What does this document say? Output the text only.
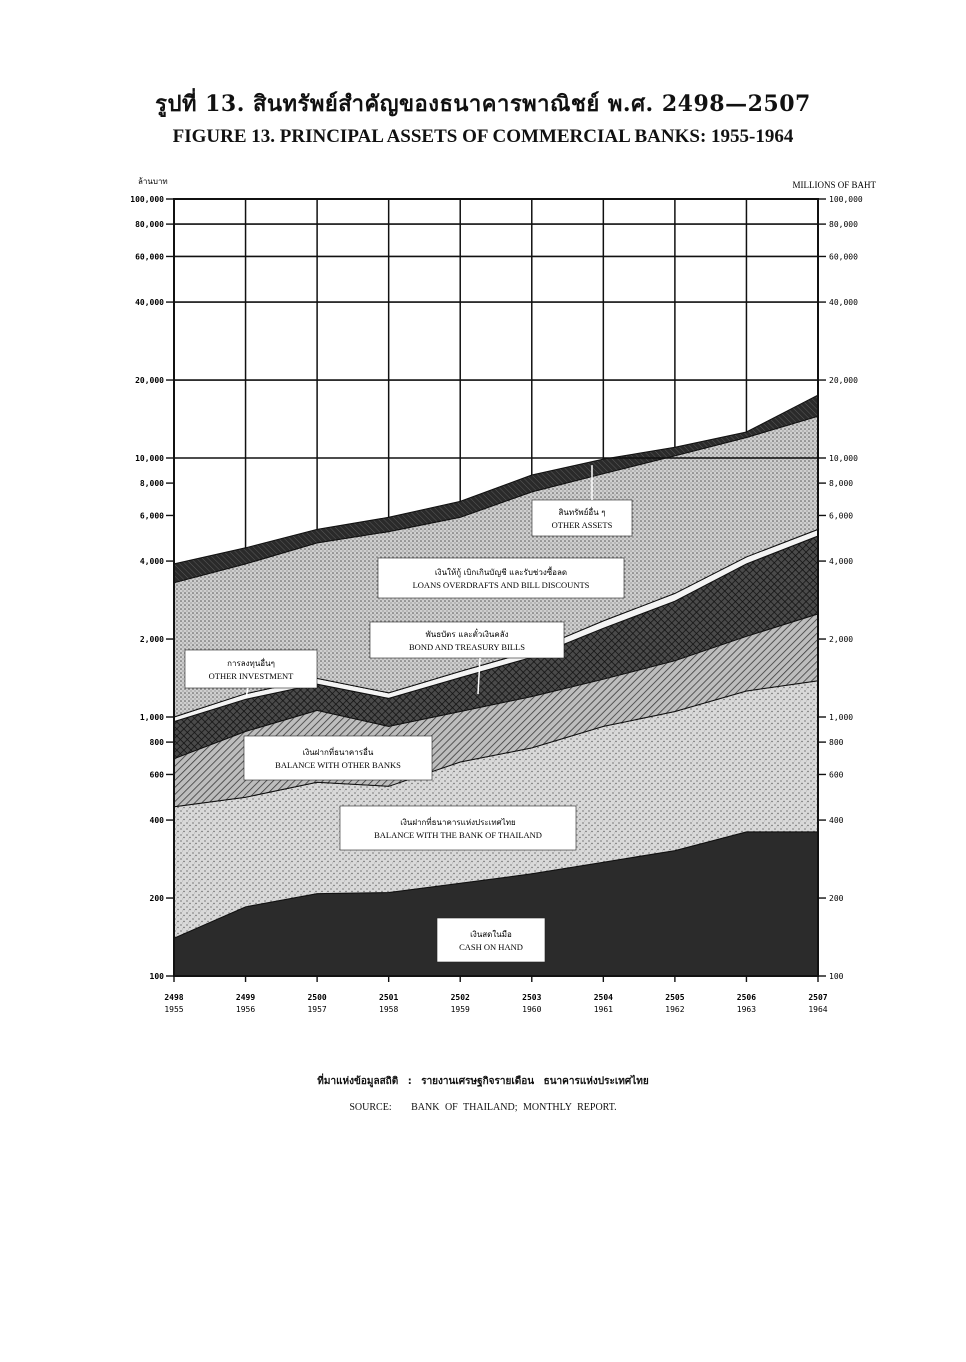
รูปที่ 13. สินทรัพย์สำคัญของธนาคารพาณิชย์ พ.ศ. 2498—2507
FIGURE 13. PRINCIPAL ASSETS OF COMMERCIAL BANKS: 1955-1964
100
200
400
600
800
1,000
2,000
4,000
6,000
8,000
10,000
20,000
40,000
60,000
80,000
100,000
ล้านบาท
100
200
400
600
800
1,000
2,000
4,000
6,000
8,000
10,000
20,000
40,000
60,000
80,000
100,000
MILLIONS OF BAHT
2498
1955
2499
1956
2500
1957
2501
1958
2502
1959
2503
1960
2504
1961
2505
1962
2506
1963
2507
1964
เงินสดในมือ
CASH ON HAND
เงินฝากที่ธนาคารแห่งประเทศไทย
BALANCE WITH THE BANK OF THAILAND
เงินฝากที่ธนาคารอื่น
BALANCE WITH OTHER BANKS
พันธบัตร และตั๋วเงินคลัง
BOND AND TREASURY BILLS
การลงทุนอื่นๆ
OTHER INVESTMENT
เงินให้กู้ เบิกเกินบัญชี และรับช่วงซื้อลด
LOANS OVERDRAFTS AND BILL DISCOUNTS
สินทรัพย์อื่น ๆ
OTHER ASSETS
ที่มาแห่งข้อมูลสถิติ : รายงานเศรษฐกิจรายเดือน ธนาคารแห่งประเทศไทย
SOURCE: BANK OF THAILAND; MONTHLY REPORT.
